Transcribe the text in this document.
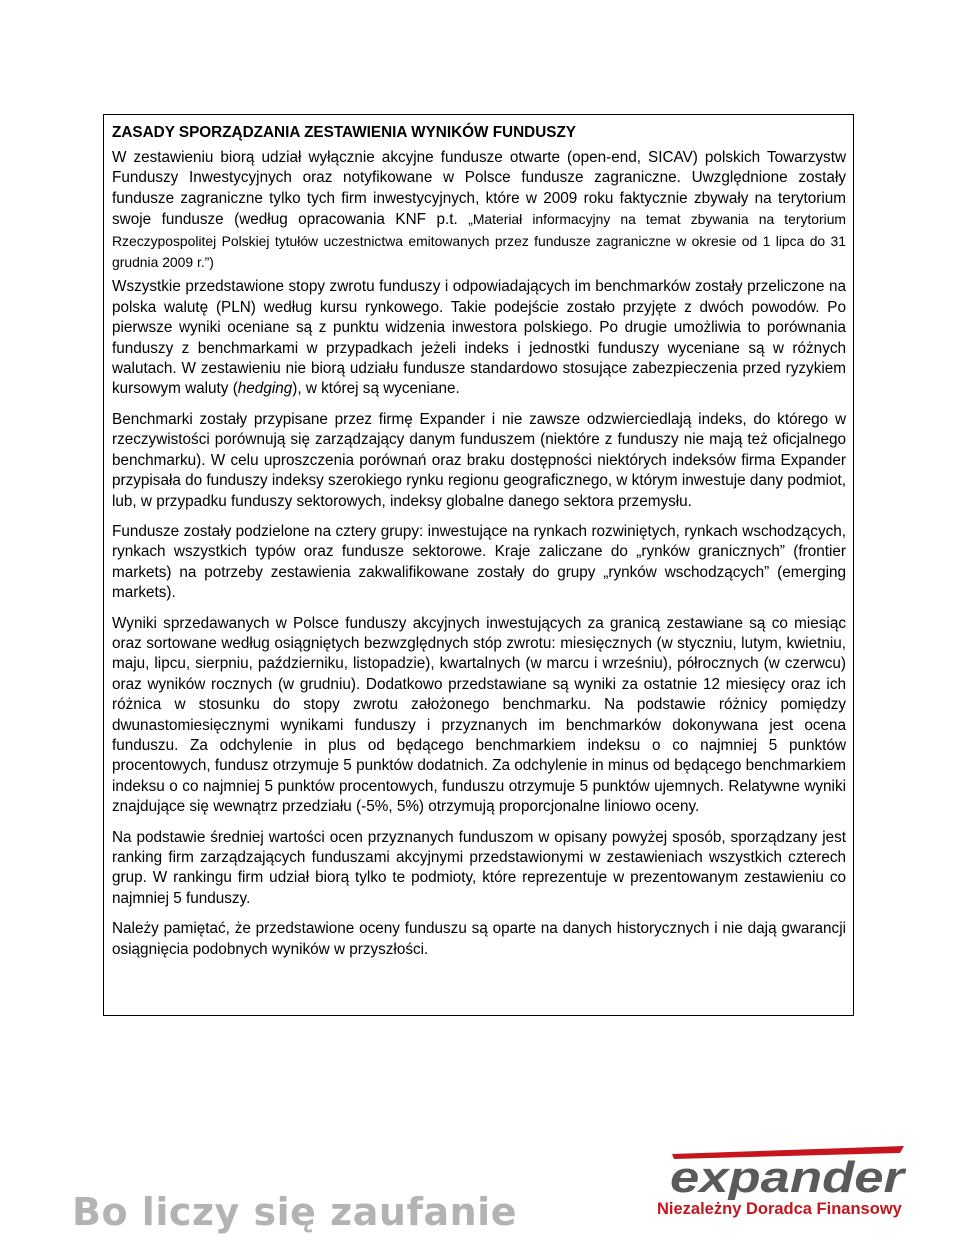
ZASADY SPORZĄDZANIA ZESTAWIENIA WYNIKÓW FUNDUSZY

W zestawieniu biorą udział wyłącznie akcyjne fundusze otwarte (open-end, SICAV) polskich Towarzystw Funduszy Inwestycyjnych oraz notyfikowane w Polsce fundusze zagraniczne. Uwzględnione zostały fundusze zagraniczne tylko tych firm inwestycyjnych, które w 2009 roku faktycznie zbywały na terytorium swoje fundusze (według opracowania KNF p.t. „Materiał informacyjny na temat zbywania na terytorium Rzeczypospolitej Polskiej tytułów uczestnictwa emitowanych przez fundusze zagraniczne w okresie od 1 lipca do 31 grudnia 2009 r.”)

Wszystkie przedstawione stopy zwrotu funduszy i odpowiadających im benchmarków zostały przeliczone na polska walutę (PLN) według kursu rynkowego. Takie podejście zostało przyjęte z dwóch powodów. Po pierwsze wyniki oceniane są z punktu widzenia inwestora polskiego. Po drugie umożliwia to porównania funduszy z benchmarkami w przypadkach jeżeli indeks i jednostki funduszy wyceniane są w różnych walutach. W zestawieniu nie biorą udziału fundusze standardowo stosujące zabezpieczenia przed ryzykiem kursowym waluty (hedging), w której są wyceniane.

Benchmarki zostały przypisane przez firmę Expander i nie zawsze odzwierciedlają indeks, do którego w rzeczywistości porównują się zarządzający danym funduszem (niektóre z funduszy nie mają też oficjalnego benchmarku). W celu uproszczenia porównań oraz braku dostępności niektórych indeksów firma Expander przypisała do funduszy indeksy szerokiego rynku regionu geograficznego, w którym inwestuje dany podmiot, lub, w przypadku funduszy sektorowych, indeksy globalne danego sektora przemysłu.

Fundusze zostały podzielone na cztery grupy: inwestujące na rynkach rozwiniętych, rynkach wschodzących, rynkach wszystkich typów oraz fundusze sektorowe. Kraje zaliczane do „rynków granicznych” (frontier markets) na potrzeby zestawienia zakwalifikowane zostały do grupy „rynków wschodzących” (emerging markets).

Wyniki sprzedawanych w Polsce funduszy akcyjnych inwestujących za granicą zestawiane są co miesiąc oraz sortowane według osiągniętych bezwzględnych stóp zwrotu: miesięcznych (w styczniu, lutym, kwietniu, maju, lipcu, sierpniu, październiku, listopadzie), kwartalnych (w marcu i wrześniu), półrocznych (w czerwcu) oraz wyników rocznych (w grudniu). Dodatkowo przedstawiane są wyniki za ostatnie 12 miesięcy oraz ich różnica w stosunku do stopy zwrotu założonego benchmarku. Na podstawie różnicy pomiędzy dwunastomiesięcznymi wynikami funduszy i przyznanych im benchmarków dokonywana jest ocena funduszu. Za odchylenie in plus od będącego benchmarkiem indeksu o co najmniej 5 punktów procentowych, fundusz otrzymuje 5 punktów dodatnich. Za odchylenie in minus od będącego benchmarkiem indeksu o co najmniej 5 punktów procentowych, funduszu otrzymuje 5 punktów ujemnych. Relatywne wyniki znajdujące się wewnątrz przedziału (-5%, 5%) otrzymują proporcjonalne liniowo oceny.

Na podstawie średniej wartości ocen przyznanych funduszom w opisany powyżej sposób, sporządzany jest ranking firm zarządzających funduszami akcyjnymi przedstawionymi w zestawieniach wszystkich czterech grup. W rankingu firm udział biorą tylko te podmioty, które reprezentuje w prezentowanym zestawieniu co najmniej 5 funduszy.

Należy pamiętać, że przedstawione oceny funduszu są oparte na danych historycznych i nie dają gwarancji osiągnięcia podobnych wyników w przyszłości.

Bo liczy się zaufanie
expander
Niezależny Doradca Finansowy
